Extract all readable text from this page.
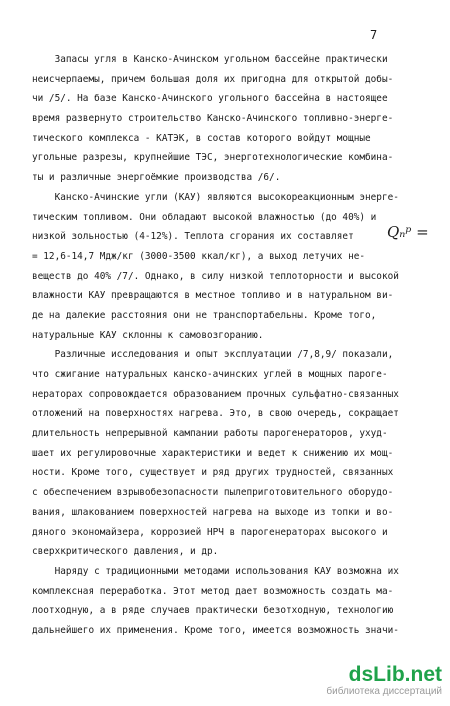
7
Запасы угля в Канско-Ачинском угольном бассейне практически
неисчерпаемы, причем большая доля их пригодна для открытой добы-
чи /5/. На базе Канско-Ачинского угольного бассейна в настоящее
время развернуто строительство Канско-Ачинского топливно-энерге-
тического комплекса - КАТЭК, в состав которого войдут мощные
угольные разрезы, крупнейшие ТЭС, энерготехнологические комбина-
ты и различные энергоёмкие производства /6/.
Канско-Ачинские угли (КАУ) являются высокореакционным энерге-
тическим топливом. Они обладают высокой влажностью (до 40%) и
низкой зольностью (4-12%). Теплота сгорания их составляет	Qₙᵖ =
= 12,6-14,7 Мдж/кг (3000-3500 ккал/кг), а выход летучих не-
веществ до 40% /7/. Однако, в силу низкой теплоторности и высокой
влажности КАУ превращаются в местное топливо и в натуральном ви-
де на далекие расстояния они не транспортабельны. Кроме того,
натуральные КАУ склонны к самовозгоранию.
Различные исследования и опыт эксплуатации /7,8,9/ показали,
что сжигание натуральных канско-ачинских углей в мощных пароге-
нераторах сопровождается образованием прочных сульфатно-связанных
отложений на поверхностях нагрева. Это, в свою очередь, сокращает
длительность непрерывной кампании работы парогенераторов, ухуд-
шает их регулировочные характеристики и ведет к снижению их мощ-
ности. Кроме того, существует и ряд других трудностей, связанных
с обеспечением взрывобезопасности пылеприготовительного оборудо-
вания, шлакованием поверхностей нагрева на выходе из топки и во-
дяного экономайзера, коррозией НРЧ в парогенераторах высокого и
сверхкритического давления, и др.
Наряду с традиционными методами использования КАУ возможна их
комплексная переработка. Этот метод дает возможность создать ма-
лоотходную, а в ряде случаев практически безотходную, технологию
дальнейшего их применения. Кроме того, имеется возможность значи-
dsLib.net
библиотека диссертаций
